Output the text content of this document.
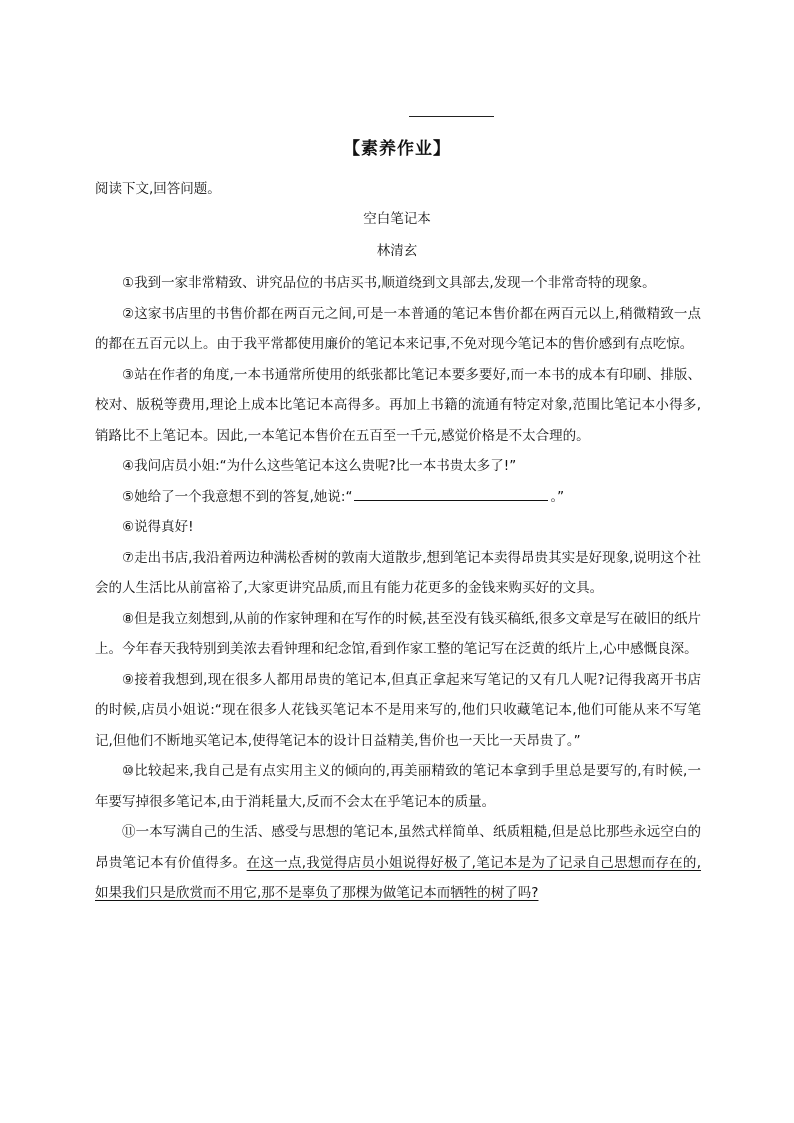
【素养作业】
阅读下文,回答问题。
空白笔记本
林清玄

①我到一家非常精致、讲究品位的书店买书,顺道绕到文具部去,发现一个非常奇特的现象。

②这家书店里的书售价都在两百元之间,可是一本普通的笔记本售价都在两百元以上,稍微精致一点的都在五百元以上。由于我平常都使用廉价的笔记本来记事,不免对现今笔记本的售价感到有点吃惊。

③站在作者的角度,一本书通常所使用的纸张都比笔记本要多要好,而一本书的成本有印刷、排版、校对、版税等费用,理论上成本比笔记本高得多。再加上书籍的流通有特定对象,范围比笔记本小得多,销路比不上笔记本。因此,一本笔记本售价在五百至一千元,感觉价格是不太合理的。

④我问店员小姐:“为什么这些笔记本这么贵呢?比一本书贵太多了!”

⑤她给了一个我意想不到的答复,她说:“	。”

⑥说得真好!

⑦走出书店,我沿着两边种满松香树的敦南大道散步,想到笔记本卖得昂贵其实是好现象,说明这个社会的人生活比从前富裕了,大家更讲究品质,而且有能力花更多的金钱来购买好的文具。

⑧但是我立刻想到,从前的作家钟理和在写作的时候,甚至没有钱买稿纸,很多文章是写在破旧的纸片上。今年春天我特别到美浓去看钟理和纪念馆,看到作家工整的笔记写在泛黄的纸片上,心中感慨良深。

⑨接着我想到,现在很多人都用昂贵的笔记本,但真正拿起来写笔记的又有几人呢?记得我离开书店的时候,店员小姐说:“现在很多人花钱买笔记本不是用来写的,他们只收藏笔记本,他们可能从来不写笔记,但他们不断地买笔记本,使得笔记本的设计日益精美,售价也一天比一天昂贵了。”

⑩比较起来,我自己是有点实用主义的倾向的,再美丽精致的笔记本拿到手里总是要写的,有时候,一年要写掉很多笔记本,由于消耗量大,反而不会太在乎笔记本的质量。

⑪一本写满自己的生活、感受与思想的笔记本,虽然式样简单、纸质粗糙,但是总比那些永远空白的昂贵笔记本有价值得多。在这一点,我觉得店员小姐说得好极了,笔记本是为了记录自己思想而存在的,如果我们只是欣赏而不用它,那不是辜负了那棵为做笔记本而牺牲的树了吗?
